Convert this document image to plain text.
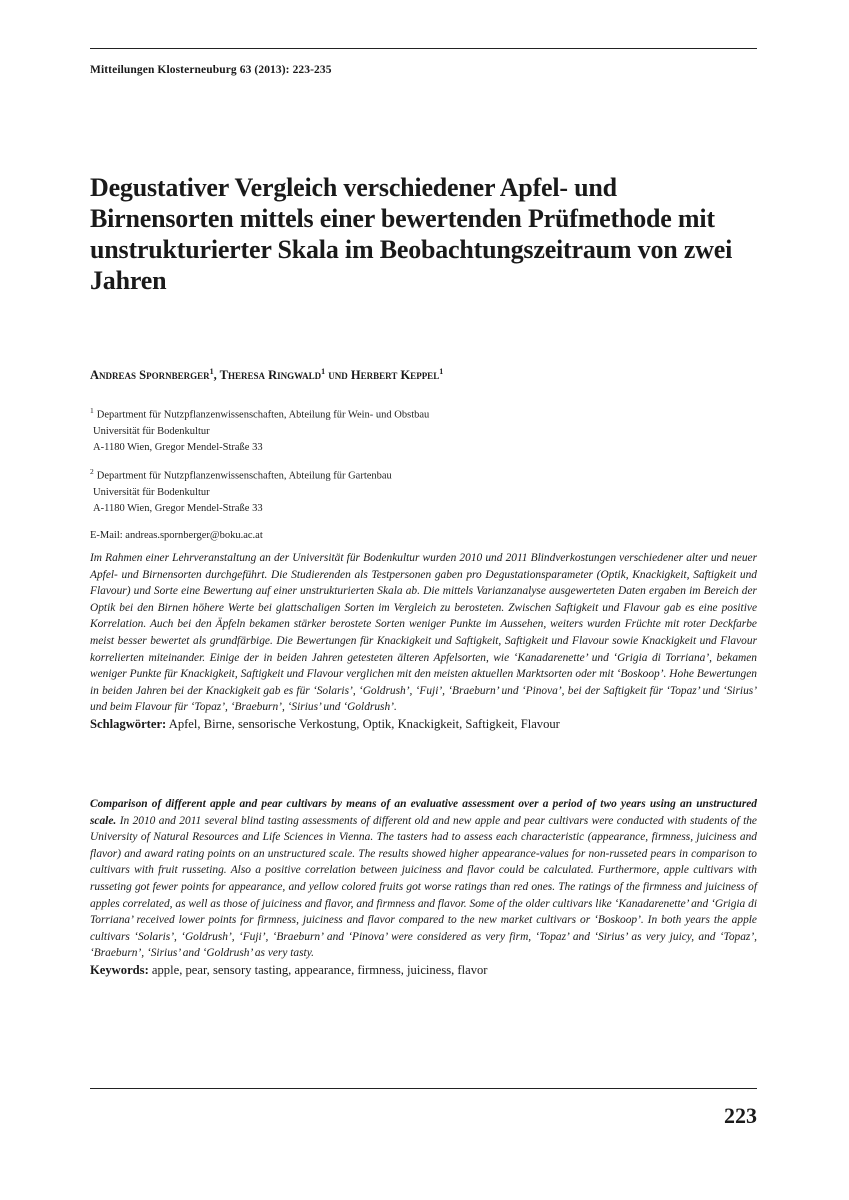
Mitteilungen Klosterneuburg 63 (2013): 223-235
Degustativer Vergleich verschiedener Apfel- und Birnensorten mittels einer bewertenden Prüfmethode mit unstrukturierter Skala im Beobachtungszeitraum von zwei Jahren
Andreas Spornberger$^1$, Theresa Ringwald$^1$ und Herbert Keppel$^1$
$^1$ Department für Nutzpflanzenwissenschaften, Abteilung für Wein- und Obstbau
Universität für Bodenkultur
A-1180 Wien, Gregor Mendel-Straße 33
$^2$ Department für Nutzpflanzenwissenschaften, Abteilung für Gartenbau
Universität für Bodenkultur
A-1180 Wien, Gregor Mendel-Straße 33
E-Mail: andreas.spornberger@boku.ac.at

Im Rahmen einer Lehrveranstaltung an der Universität für Bodenkultur wurden 2010 und 2011 Blindverkostungen verschiedener alter und neuer Apfel- und Birnensorten durchgeführt. Die Studierenden als Testpersonen gaben pro Degustationsparameter (Optik, Knackigkeit, Saftigkeit und Flavour) und Sorte eine Bewertung auf einer unstrukturierten Skala ab. Die mittels Varianzanalyse ausgewerteten Daten ergaben im Bereich der Optik bei den Birnen höhere Werte bei glattschaligen Sorten im Vergleich zu berosteten. Zwischen Saftigkeit und Flavour gab es eine positive Korrelation. Auch bei den Äpfeln bekamen stärker berostete Sorten weniger Punkte im Aussehen, weiters wurden Früchte mit roter Deckfarbe meist besser bewertet als grundfärbige. Die Bewertungen für Knackigkeit und Saftigkeit, Saftigkeit und Flavour sowie Knackigkeit und Flavour korrelierten miteinander. Einige der in beiden Jahren getesteten älteren Apfelsorten, wie ‘Kanadarenette’ und ‘Grigia di Torriana’, bekamen weniger Punkte für Knackigkeit, Saftigkeit und Flavour verglichen mit den meisten aktuellen Marktsorten oder mit ‘Boskoop’. Hohe Bewertungen in beiden Jahren bei der Knackigkeit gab es für ‘Solaris’, ‘Goldrush’, ‘Fuji’, ‘Braeburn’ und ‘Pinova’, bei der Saftigkeit für ‘Topaz’ und ‘Sirius’ und beim Flavour für ‘Topaz’, ‘Braeburn’, ‘Sirius’ und ‘Goldrush’.
Schlagwörter: Apfel, Birne, sensorische Verkostung, Optik, Knackigkeit, Saftigkeit, Flavour

Comparison of different apple and pear cultivars by means of an evaluative assessment over a period of two years using an unstructured scale. In 2010 and 2011 several blind tasting assessments of different old and new apple and pear cultivars were conducted with students of the University of Natural Resources and Life Sciences in Vienna. The tasters had to assess each characteristic (appearance, firmness, juiciness and flavor) and award rating points on an unstructured scale. The results showed higher appearance-values for non-russeted pears in comparison to cultivars with fruit russeting. Also a positive correlation between juiciness and flavor could be calculated. Furthermore, apple cultivars with russeting got fewer points for appearance, and yellow colored fruits got worse ratings than red ones. The ratings of the firmness and juiciness of apples correlated, as well as those of juiciness and flavor, and firmness and flavor. Some of the older cultivars like ‘Kanadarenette’ and ‘Grigia di Torriana’ received lower points for firmness, juiciness and flavor compared to the new market cultivars or ‘Boskoop’. In both years the apple cultivars ‘Solaris’, ‘Goldrush’, ‘Fuji’, ‘Braeburn’ and ‘Pinova’ were considered as very firm, ‘Topaz’ and ‘Sirius’ as very juicy, and ‘Topaz’, ‘Braeburn’, ‘Sirius’ and ‘Goldrush’ as very tasty.
Keywords: apple, pear, sensory tasting, appearance, firmness, juiciness, flavor

223
